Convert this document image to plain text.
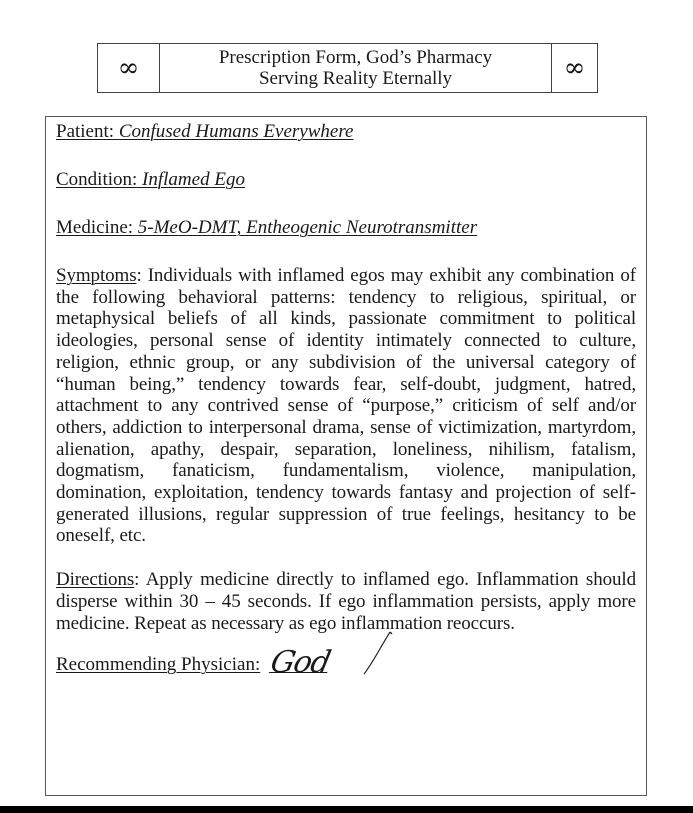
∞	Prescription Form, God’s Pharmacy
Serving Reality Eternally	∞
Patient: Confused Humans Everywhere
Condition: Inflamed Ego
Medicine: 5-MeO-DMT, Entheogenic Neurotransmitter

Symptoms: Individuals with inflamed egos may exhibit any combination of the following behavioral patterns: tendency to religious, spiritual, or metaphysical beliefs of all kinds, passionate commitment to political ideologies, personal sense of identity intimately connected to culture, religion, ethnic group, or any subdivision of the universal category of “human being,” tendency towards fear, self-doubt, judgment, hatred, attachment to any contrived sense of “purpose,” criticism of self and/or others, addiction to interpersonal drama, sense of victimization, martyrdom, alienation, apathy, despair, separation, loneliness, nihilism, fatalism, dogmatism, fanaticism, fundamentalism, violence, manipulation, domination, exploitation, tendency towards fantasy and projection of self-generated illusions, regular suppression of true feelings, hesitancy to be oneself, etc.

Directions: Apply medicine directly to inflamed ego. Inflammation should disperse within 30 – 45 seconds. If ego inflammation persists, apply more medicine. Repeat as necessary as ego inflammation reoccurs.

Recommending Physician: God
